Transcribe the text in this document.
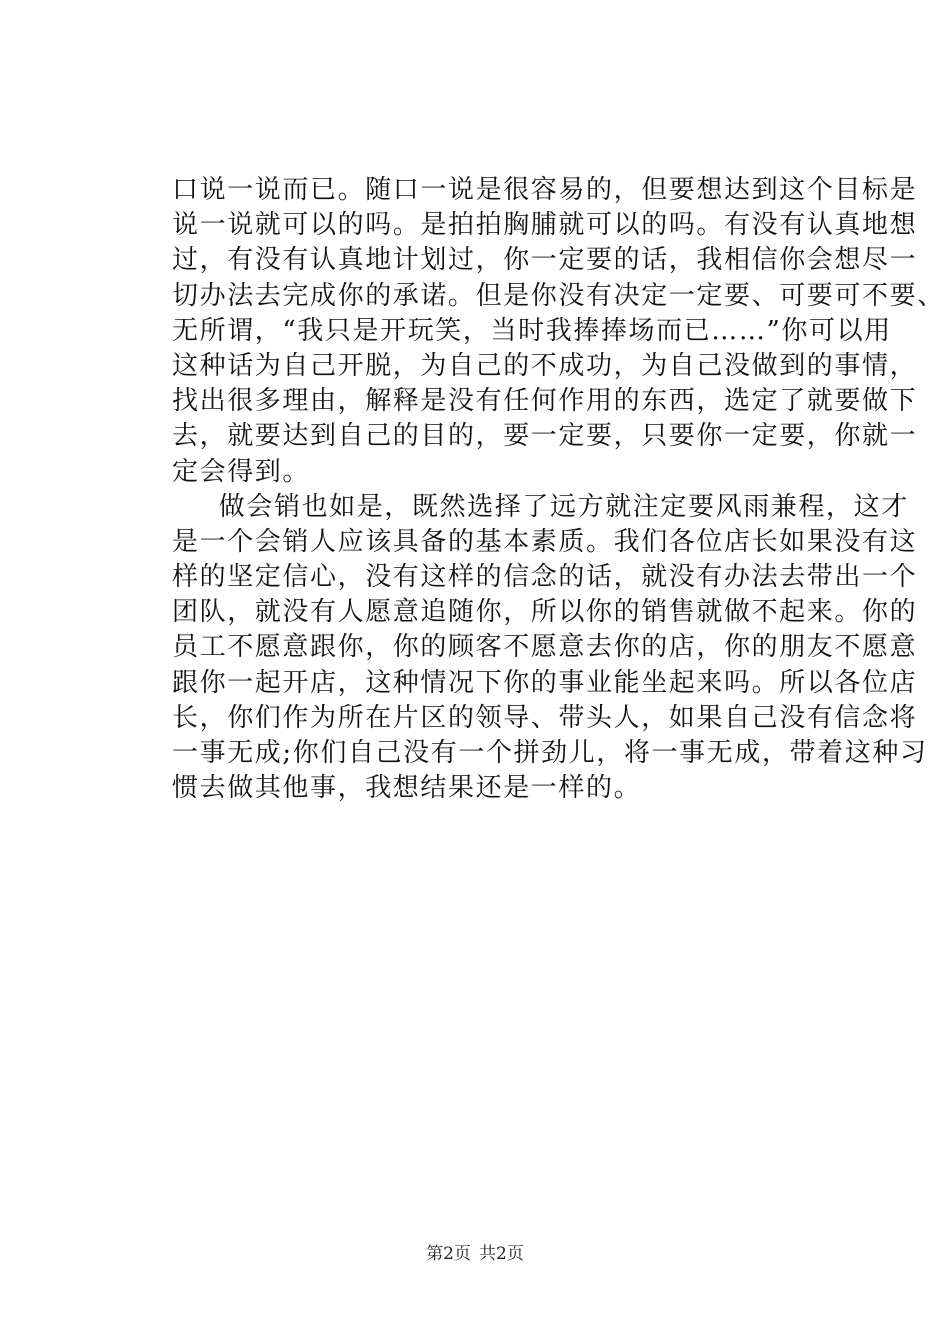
口说一说而已。随口一说是很容易的，但要想达到这个目标是
说一说就可以的吗。是拍拍胸脯就可以的吗。有没有认真地想
过，有没有认真地计划过，你一定要的话，我相信你会想尽一
切办法去完成你的承诺。但是你没有决定一定要、可要可不要、
无所谓，“我只是开玩笑，当时我捧捧场而已……”你可以用
这种话为自己开脱，为自己的不成功，为自己没做到的事情，
找出很多理由，解释是没有任何作用的东西，选定了就要做下
去，就要达到自己的目的，要一定要，只要你一定要，你就一
定会得到。
做会销也如是，既然选择了远方就注定要风雨兼程，这才
是一个会销人应该具备的基本素质。我们各位店长如果没有这
样的坚定信心，没有这样的信念的话，就没有办法去带出一个
团队，就没有人愿意追随你，所以你的销售就做不起来。你的
员工不愿意跟你，你的顾客不愿意去你的店，你的朋友不愿意
跟你一起开店，这种情况下你的事业能坐起来吗。所以各位店
长，你们作为所在片区的领导、带头人，如果自己没有信念将
一事无成;你们自己没有一个拼劲儿，将一事无成，带着这种习
惯去做其他事，我想结果还是一样的。
第2页 共2页
